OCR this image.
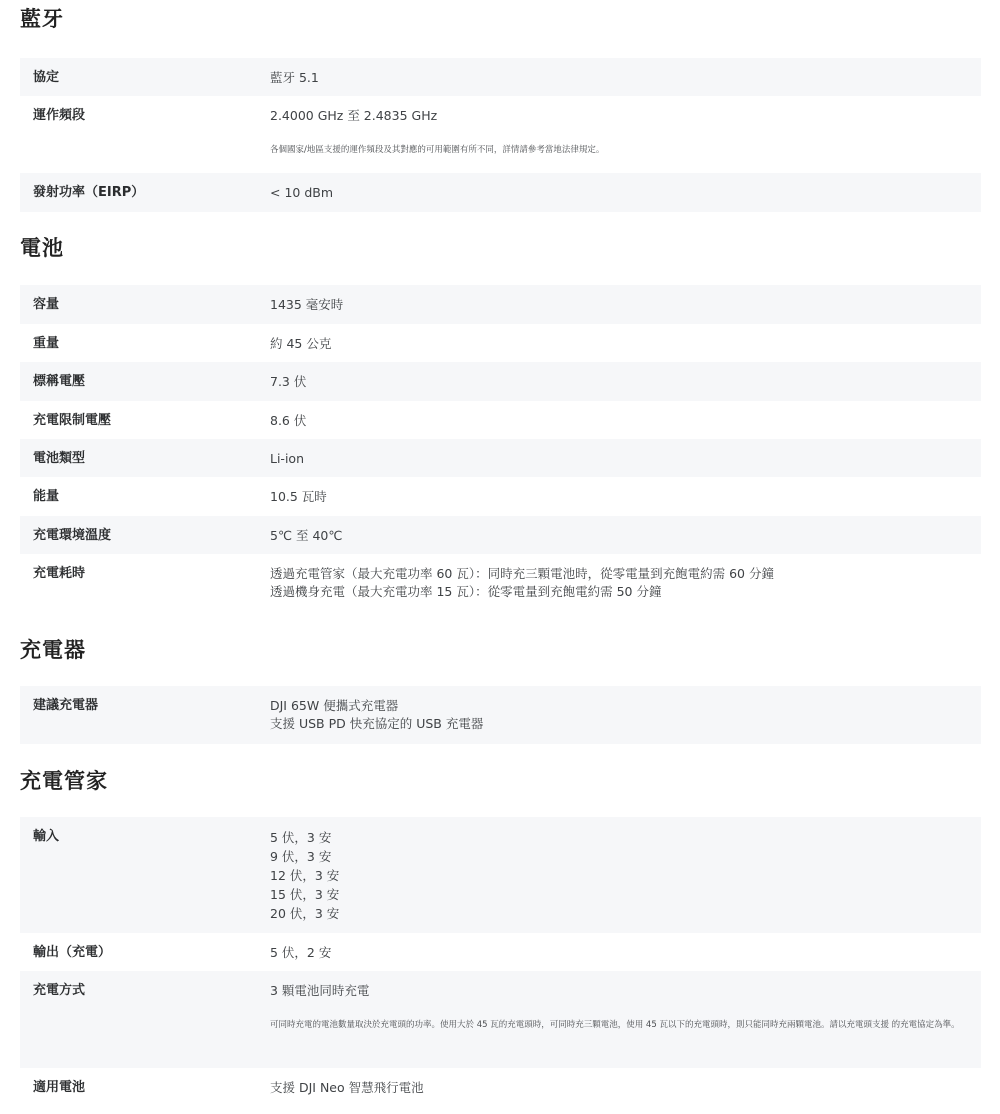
藍牙
協定	藍牙 5.1
運作頻段	2.4000 GHz 至 2.4835 GHz
各個國家/地區支援的運作頻段及其對應的可用範圍有所不同，詳情請參考當地法律規定。
發射功率（EIRP）	< 10 dBm
電池
容量	1435 毫安時
重量	約 45 公克
標稱電壓	7.3 伏
充電限制電壓	8.6 伏
電池類型	Li-ion
能量	10.5 瓦時
充電環境溫度	5℃ 至 40℃
充電耗時	透過充電管家（最大充電功率 60 瓦）：同時充三顆電池時，從零電量到充飽電約需 60 分鐘
透過機身充電（最大充電功率 15 瓦）：從零電量到充飽電約需 50 分鐘
充電器
建議充電器	DJI 65W 便攜式充電器
支援 USB PD 快充協定的 USB 充電器
充電管家
輸入	5 伏，3 安
9 伏，3 安
12 伏，3 安
15 伏，3 安
20 伏，3 安
輸出（充電）	5 伏，2 安
充電方式	3 顆電池同時充電
可同時充電的電池數量取決於充電頭的功率。使用大於 45 瓦的充電頭時，可同時充三顆電池，使用 45 瓦以下的充電頭時，則只能同時充兩顆電池。請以充電頭支援 的充電協定為準。
適用電池	支援 DJI Neo 智慧飛行電池
